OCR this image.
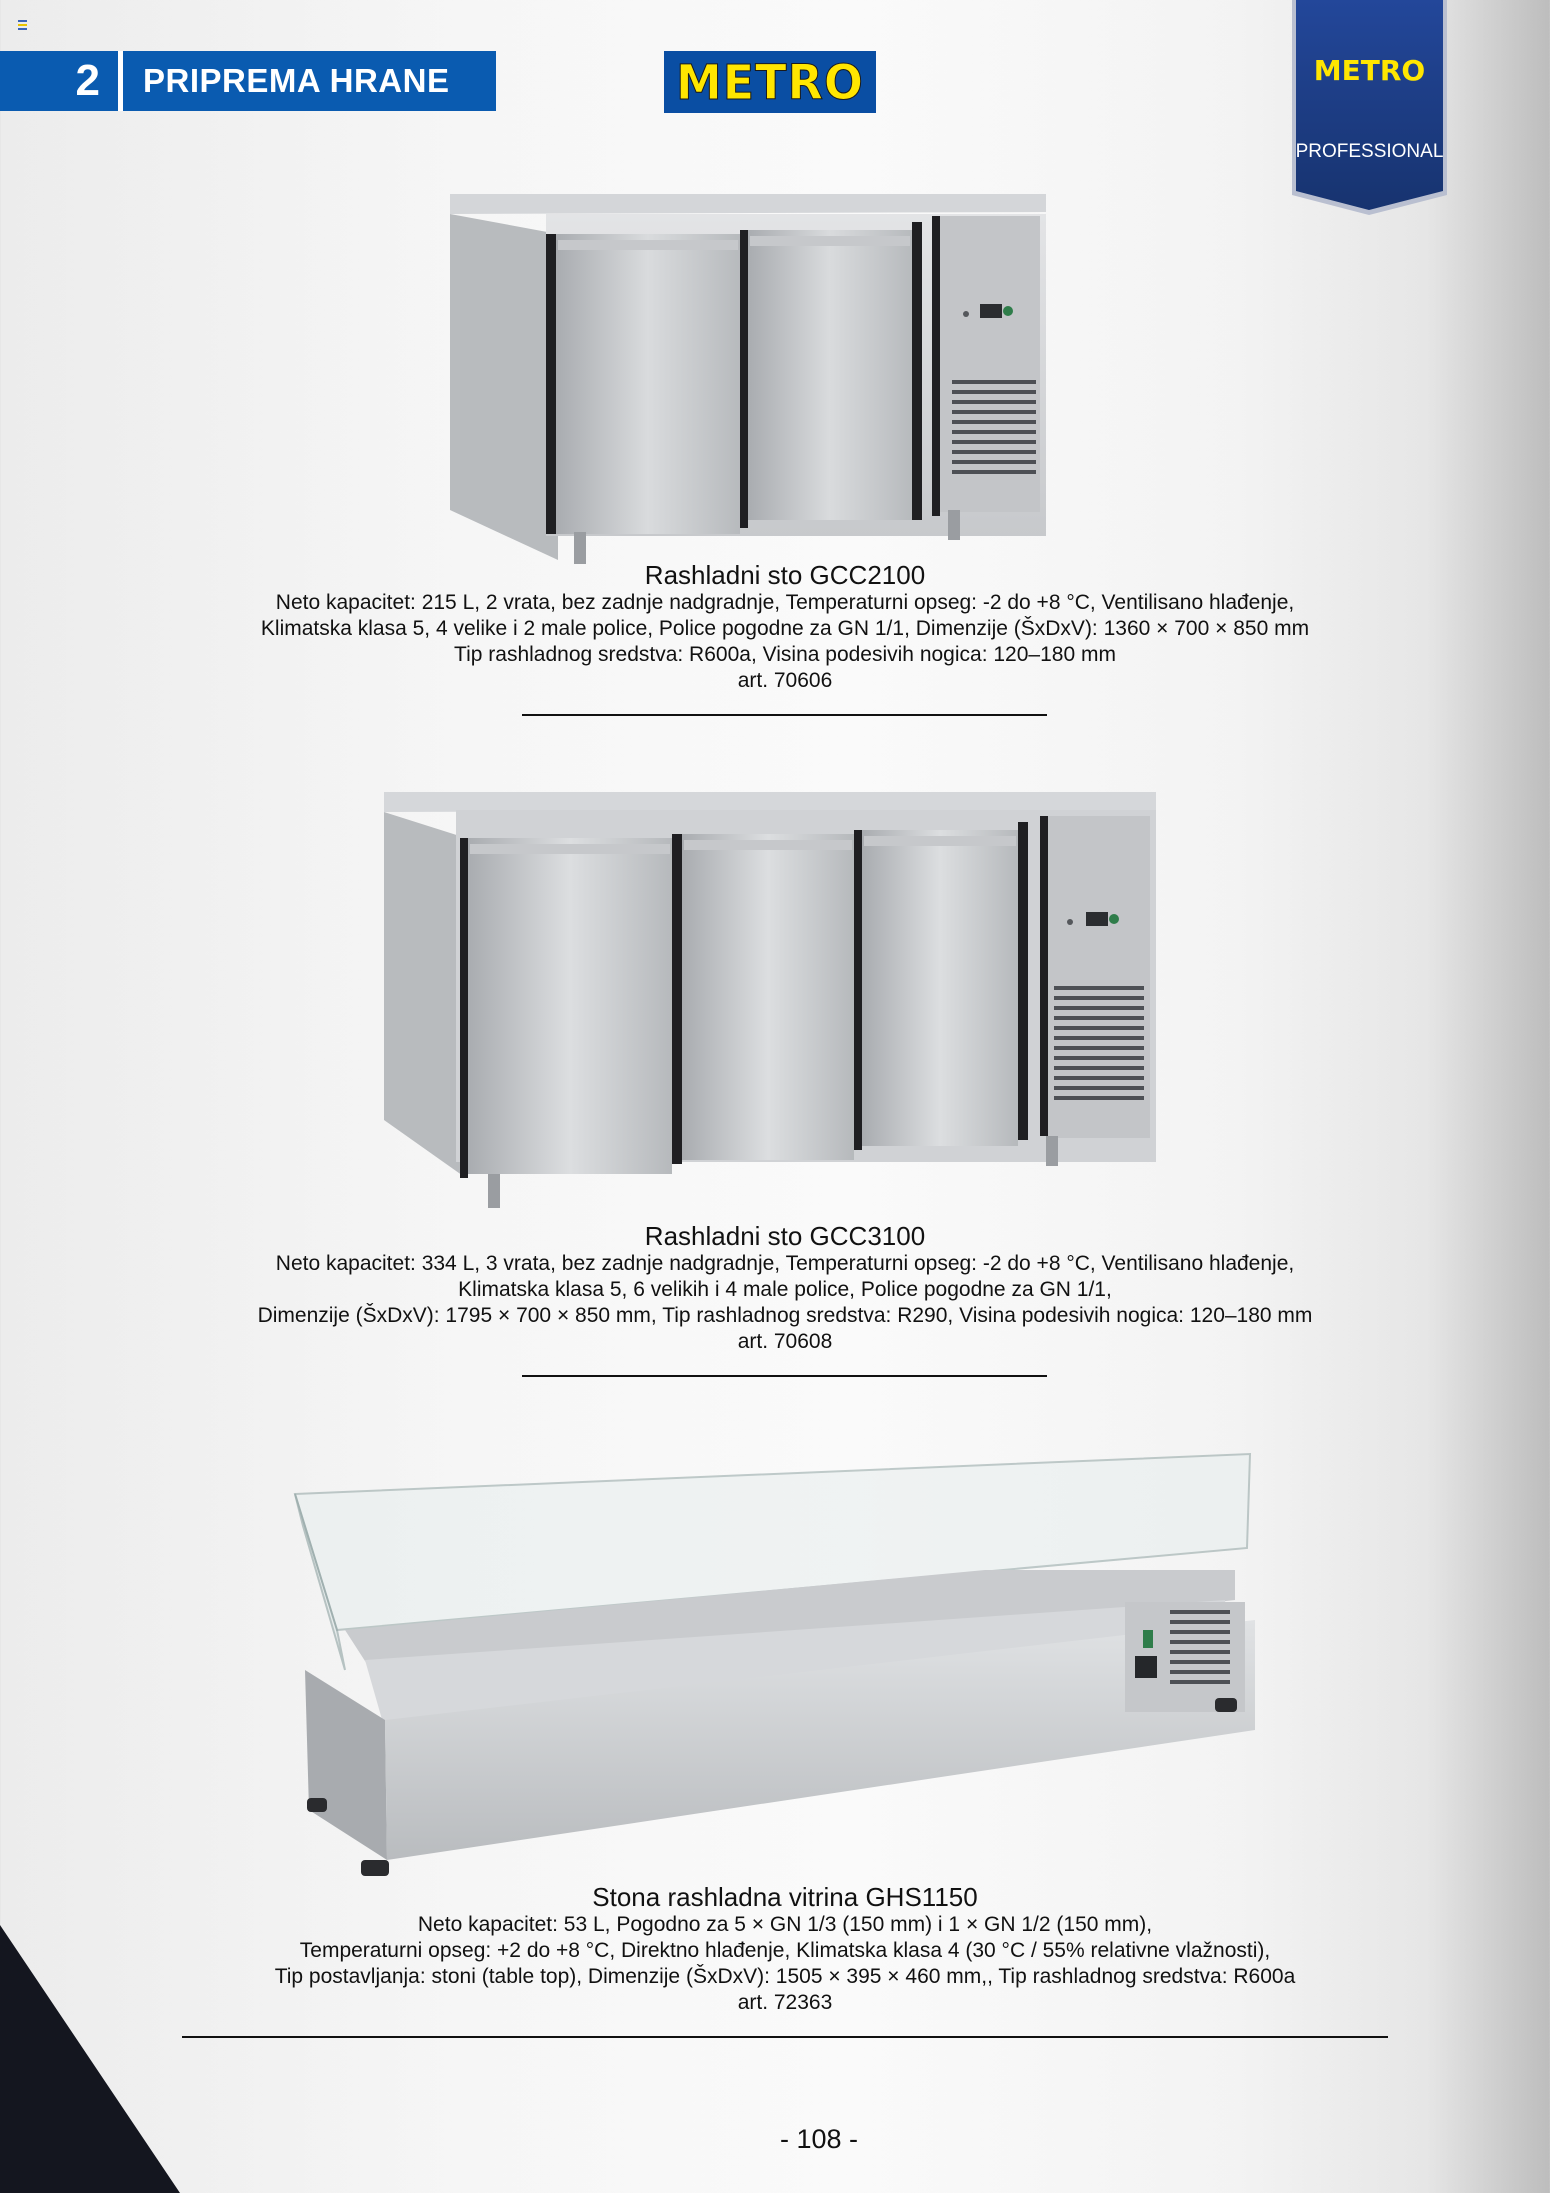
2	PRIPREMA HRANE	METRO	METRO
PROFESSIONAL
Rashladni sto GCC2100
Neto kapacitet: 215 L, 2 vrata, bez zadnje nadgradnje, Temperaturni opseg: -2 do +8 °C, Ventilisano hlađenje,
Klimatska klasa 5, 4 velike i 2 male police, Police pogodne za GN 1/1, Dimenzije (ŠxDxV): 1360 × 700 × 850 mm
Tip rashladnog sredstva: R600a, Visina podesivih nogica: 120–180 mm
art. 70606
Rashladni sto GCC3100
Neto kapacitet: 334 L, 3 vrata, bez zadnje nadgradnje, Temperaturni opseg: -2 do +8 °C, Ventilisano hlađenje,
Klimatska klasa 5, 6 velikih i 4 male police, Police pogodne za GN 1/1,
Dimenzije (ŠxDxV): 1795 × 700 × 850 mm, Tip rashladnog sredstva: R290, Visina podesivih nogica: 120–180 mm
art. 70608
Stona rashladna vitrina GHS1150
Neto kapacitet: 53 L, Pogodno za 5 × GN 1/3 (150 mm) i 1 × GN 1/2 (150 mm),
Temperaturni opseg: +2 do +8 °C, Direktno hlađenje, Klimatska klasa 4 (30 °C / 55% relativne vlažnosti),
Tip postavljanja: stoni (table top), Dimenzije (ŠxDxV): 1505 × 395 × 460 mm,, Tip rashladnog sredstva: R600a
art. 72363
- 108 -
